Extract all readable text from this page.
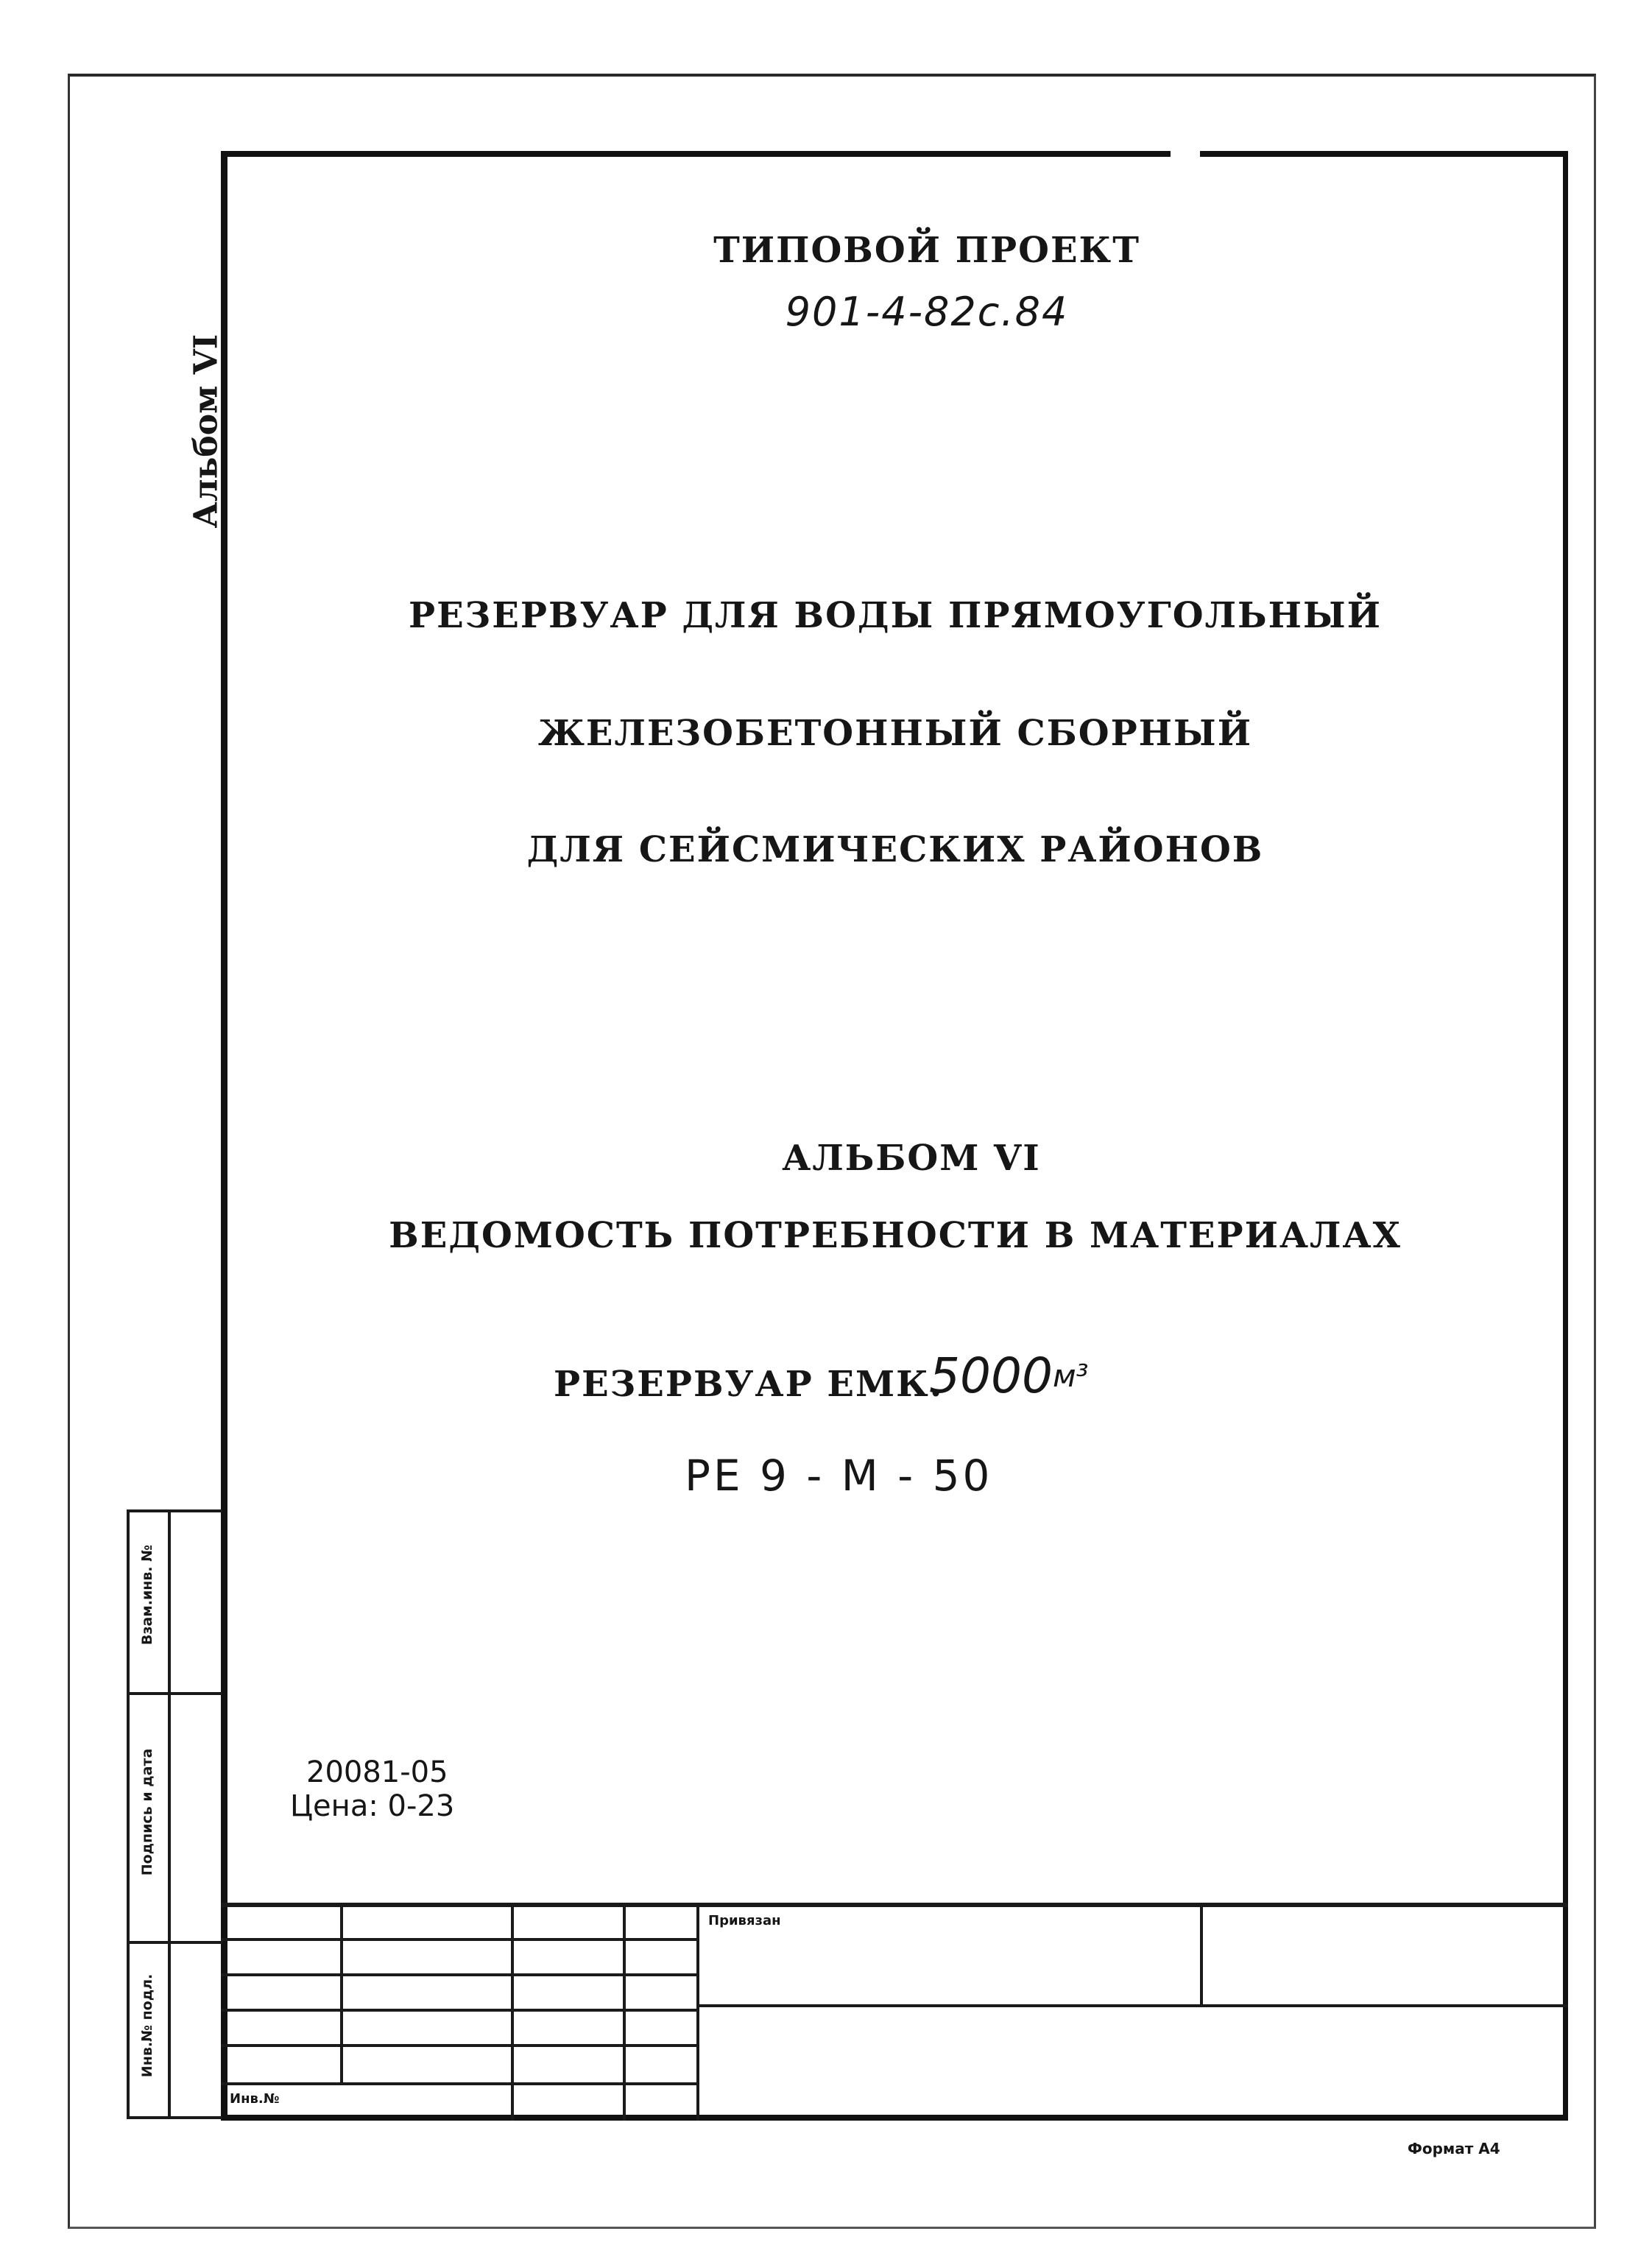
Взам.инв. №
Подпись и дата
Инв.№ подл.
Альбом VI
ТИПОВОЙ ПРОЕКТ
901-4-82с.84
РЕЗЕРВУАР ДЛЯ ВОДЫ ПРЯМОУГОЛЬНЫЙ
ЖЕЛЕЗОБЕТОННЫЙ СБОРНЫЙ
ДЛЯ СЕЙСМИЧЕСКИХ РАЙОНОВ
АЛЬБОМ VI
ВЕДОМОСТЬ ПОТРЕБНОСТИ В МАТЕРИАЛАХ
РЕЗЕРВУАР ЕМК.
5000 м³
РЕ 9 - М - 50
20081-05
Цена: 0-23
Привязан
Инв.№
Формат А4
